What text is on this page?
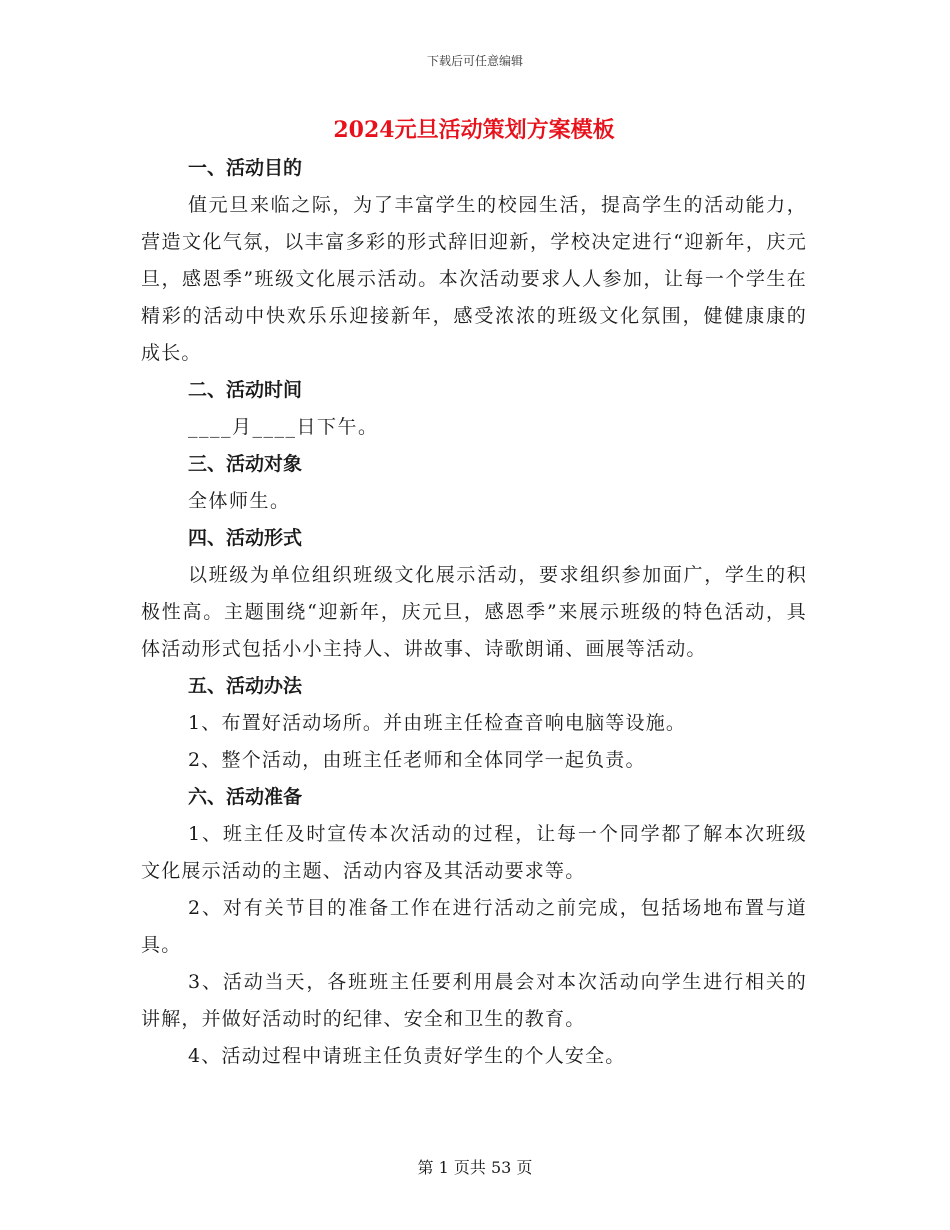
下载后可任意编辑
2024元旦活动策划方案模板

一、活动目的

值元旦来临之际，为了丰富学生的校园生活，提高学生的活动能力，营造文化气氛，以丰富多彩的形式辞旧迎新，学校决定进行“迎新年，庆元旦，感恩季”班级文化展示活动。本次活动要求人人参加，让每一个学生在精彩的活动中快欢乐乐迎接新年，感受浓浓的班级文化氛围，健健康康的成长。

二、活动时间

____月____日下午。

三、活动对象

全体师生。

四、活动形式

以班级为单位组织班级文化展示活动，要求组织参加面广，学生的积极性高。主题围绕“迎新年，庆元旦，感恩季”来展示班级的特色活动，具体活动形式包括小小主持人、讲故事、诗歌朗诵、画展等活动。

五、活动办法

1、布置好活动场所。并由班主任检查音响电脑等设施。

2、整个活动，由班主任老师和全体同学一起负责。

六、活动准备

1、班主任及时宣传本次活动的过程，让每一个同学都了解本次班级文化展示活动的主题、活动内容及其活动要求等。

2、对有关节目的准备工作在进行活动之前完成，包括场地布置与道具。

3、活动当天，各班班主任要利用晨会对本次活动向学生进行相关的讲解，并做好活动时的纪律、安全和卫生的教育。

4、活动过程中请班主任负责好学生的个人安全。

第 1 页共 53 页
